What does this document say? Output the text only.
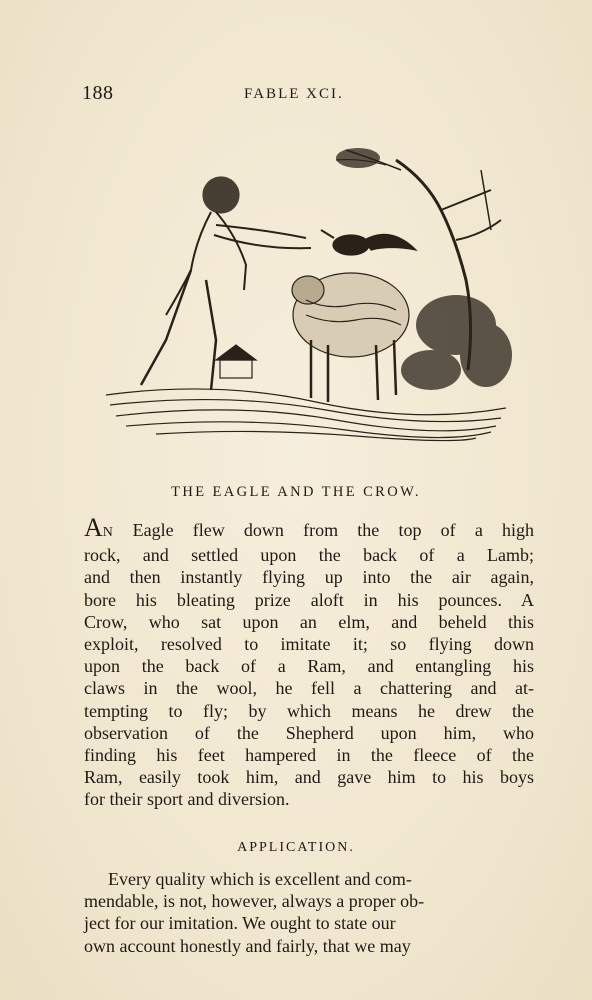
188	FABLE XCI.
THE EAGLE AND THE CROW.
AN Eagle flew down from the top of a high
rock, and settled upon the back of a Lamb;
and then instantly flying up into the air again,
bore his bleating prize aloft in his pounces. A
Crow, who sat upon an elm, and beheld this
exploit, resolved to imitate it; so flying down
upon the back of a Ram, and entangling his
claws in the wool, he fell a chattering and at-
tempting to fly; by which means he drew the
observation of the Shepherd upon him, who
finding his feet hampered in the fleece of the
Ram, easily took him, and gave him to his boys
for their sport and diversion.
APPLICATION.
Every quality which is excellent and com-
mendable, is not, however, always a proper ob-
ject for our imitation. We ought to state our
own account honestly and fairly, that we may
